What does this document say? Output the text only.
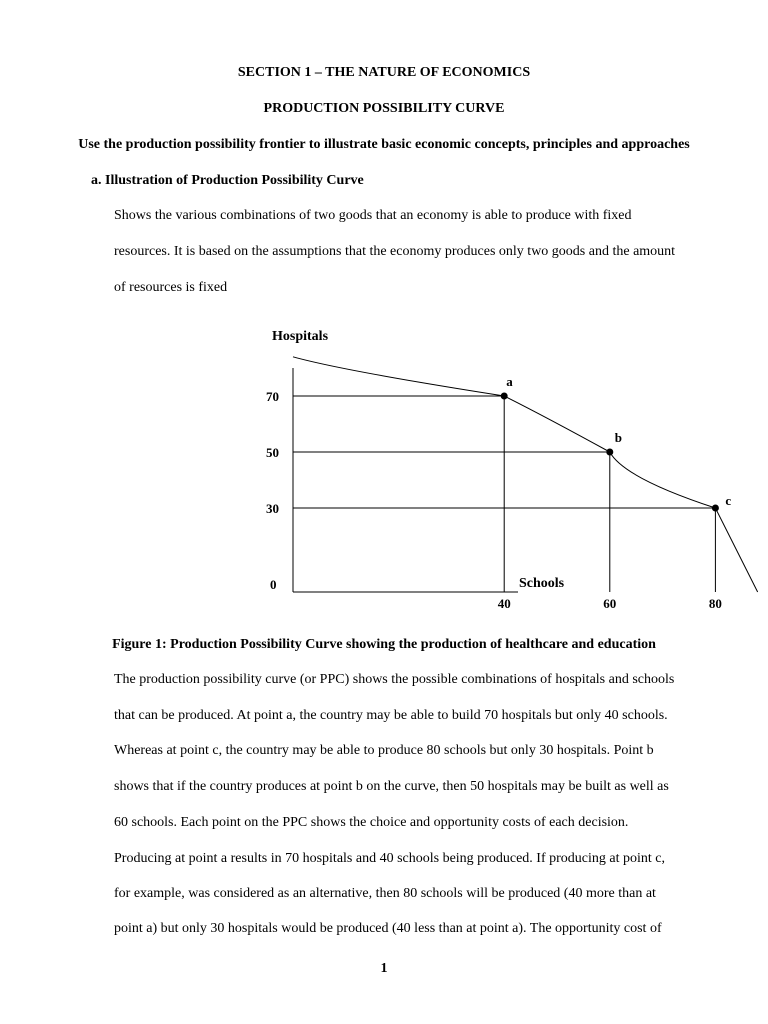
SECTION 1 – THE NATURE OF ECONOMICS
PRODUCTION POSSIBILITY CURVE
Use the production possibility frontier to illustrate basic economic concepts, principles and approaches
a. Illustration of Production Possibility Curve
Shows the various combinations of two goods that an economy is able to produce with fixed
resources. It is based on the assumptions that the economy produces only two goods and the amount
of resources is fixed
Hospitals
Schools
0
a
b
c
70
50
30
40	60	80
Figure 1: Production Possibility Curve showing the production of healthcare and education
The production possibility curve (or PPC) shows the possible combinations of hospitals and schools
that can be produced. At point a, the country may be able to build 70 hospitals but only 40 schools.
Whereas at point c, the country may be able to produce 80 schools but only 30 hospitals. Point b
shows that if the country produces at point b on the curve, then 50 hospitals may be built as well as
60 schools. Each point on the PPC shows the choice and opportunity costs of each decision.
Producing at point a results in 70 hospitals and 40 schools being produced. If producing at point c,
for example, was considered as an alternative, then 80 schools will be produced (40 more than at
point a) but only 30 hospitals would be produced (40 less than at point a). The opportunity cost of
1
